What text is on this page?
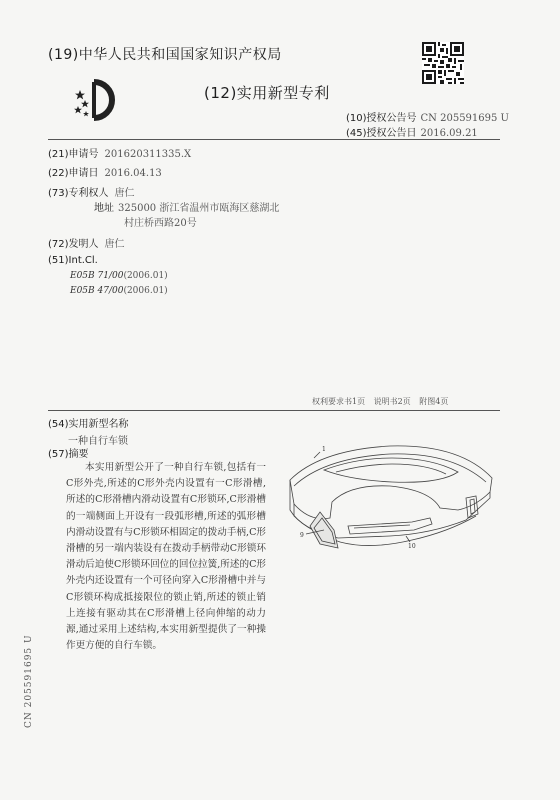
(19)中华人民共和国国家知识产权局
(12)实用新型专利
(10)授权公告号 CN 205591695 U
(45)授权公告日 2016.09.21
(21)申请号 201620311335.X
(22)申请日 2016.04.13
(73)专利权人 唐仁
地址 325000 浙江省温州市瓯海区慈湖北
村庄桥西路20号
(72)发明人 唐仁
(51)Int.Cl.
E05B 71/00(2006.01)
E05B 47/00(2006.01)
权利要求书1页 说明书2页 附图4页
(54)实用新型名称
一种自行车锁
(57)摘要
本实用新型公开了一种自行车锁,包括有一C形外壳,所述的C形外壳内设置有一C形滑槽,所述的C形滑槽内滑动设置有C形锁环,C形滑槽的一端侧面上开设有一段弧形槽,所述的弧形槽内滑动设置有与C形锁环相固定的拨动手柄,C形滑槽的另一端内装设有在拨动手柄带动C形锁环滑动后迫使C形锁环回位的回位拉簧,所述的C形外壳内还设置有一个可径向穿入C形滑槽中并与C形锁环构成抵接限位的锁止销,所述的锁止销上连接有驱动其在C形滑槽上径向伸缩的动力源,通过采用上述结构,本实用新型提供了一种操作更方便的自行车锁。
1
9
10
CN 205591695 U
